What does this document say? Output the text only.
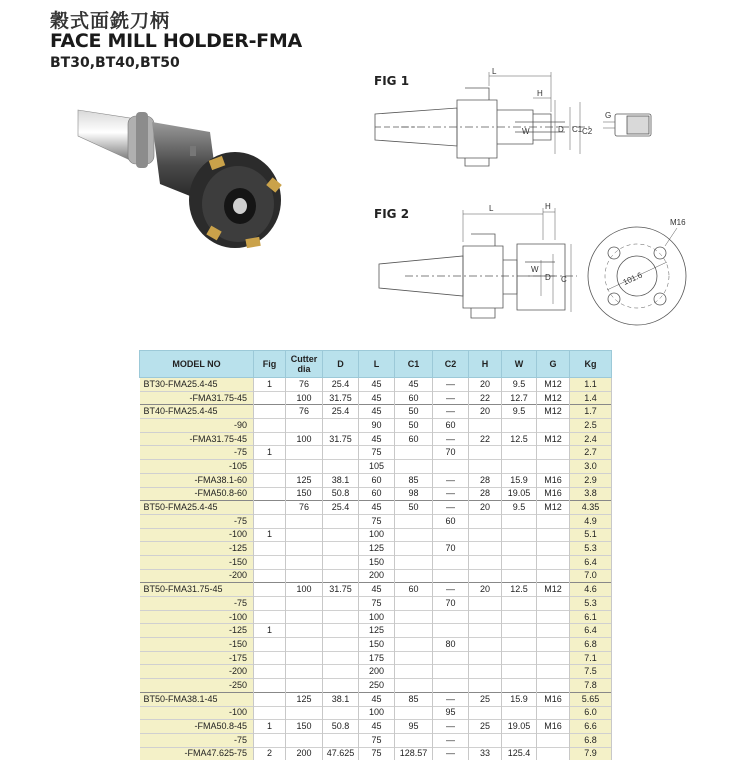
穀式面銑刀柄
FACE MILL HOLDER-FMA
BT30,BT40,BT50
FIG 1
L
H
W	D C1 C2
G
FIG 2	L	H
W
D C
M16
101.6
MODEL NO	Fig	Cutter dia	D	L	C1	C2	H	W	G	Kg
BT30-FMA25.4-45	1	76	25.4	45	45	—	20	9.5	M12	1.1
-FMA31.75-45		100	31.75	45	60	—	22	12.7	M12	1.4
BT40-FMA25.4-45		76	25.4	45	50	—	20	9.5	M12	1.7
-90				90	50	60				2.5
-FMA31.75-45		100	31.75	45	60	—	22	12.5	M12	2.4
-75	1			75		70				2.7
-105				105						3.0
-FMA38.1-60		125	38.1	60	85	—	28	15.9	M16	2.9
-FMA50.8-60		150	50.8	60	98	—	28	19.05	M16	3.8
BT50-FMA25.4-45		76	25.4	45	50	—	20	9.5	M12	4.35
-75				75		60				4.9
-100	1			100						5.1
-125				125		70				5.3
-150				150						6.4
-200				200						7.0
BT50-FMA31.75-45		100	31.75	45	60	—	20	12.5	M12	4.6
-75				75		70				5.3
-100				100						6.1
-125	1			125						6.4
-150				150		80				6.8
-175				175						7.1
-200				200						7.5
-250				250						7.8
BT50-FMA38.1-45		125	38.1	45	85	—	25	15.9	M16	5.65
-100				100		95				6.0
-FMA50.8-45	1	150	50.8	45	95	—	25	19.05	M16	6.6
-75				75		—				6.8
-FMA47.625-75	2	200	47.625	75	128.57	—	33	125.4		7.9
